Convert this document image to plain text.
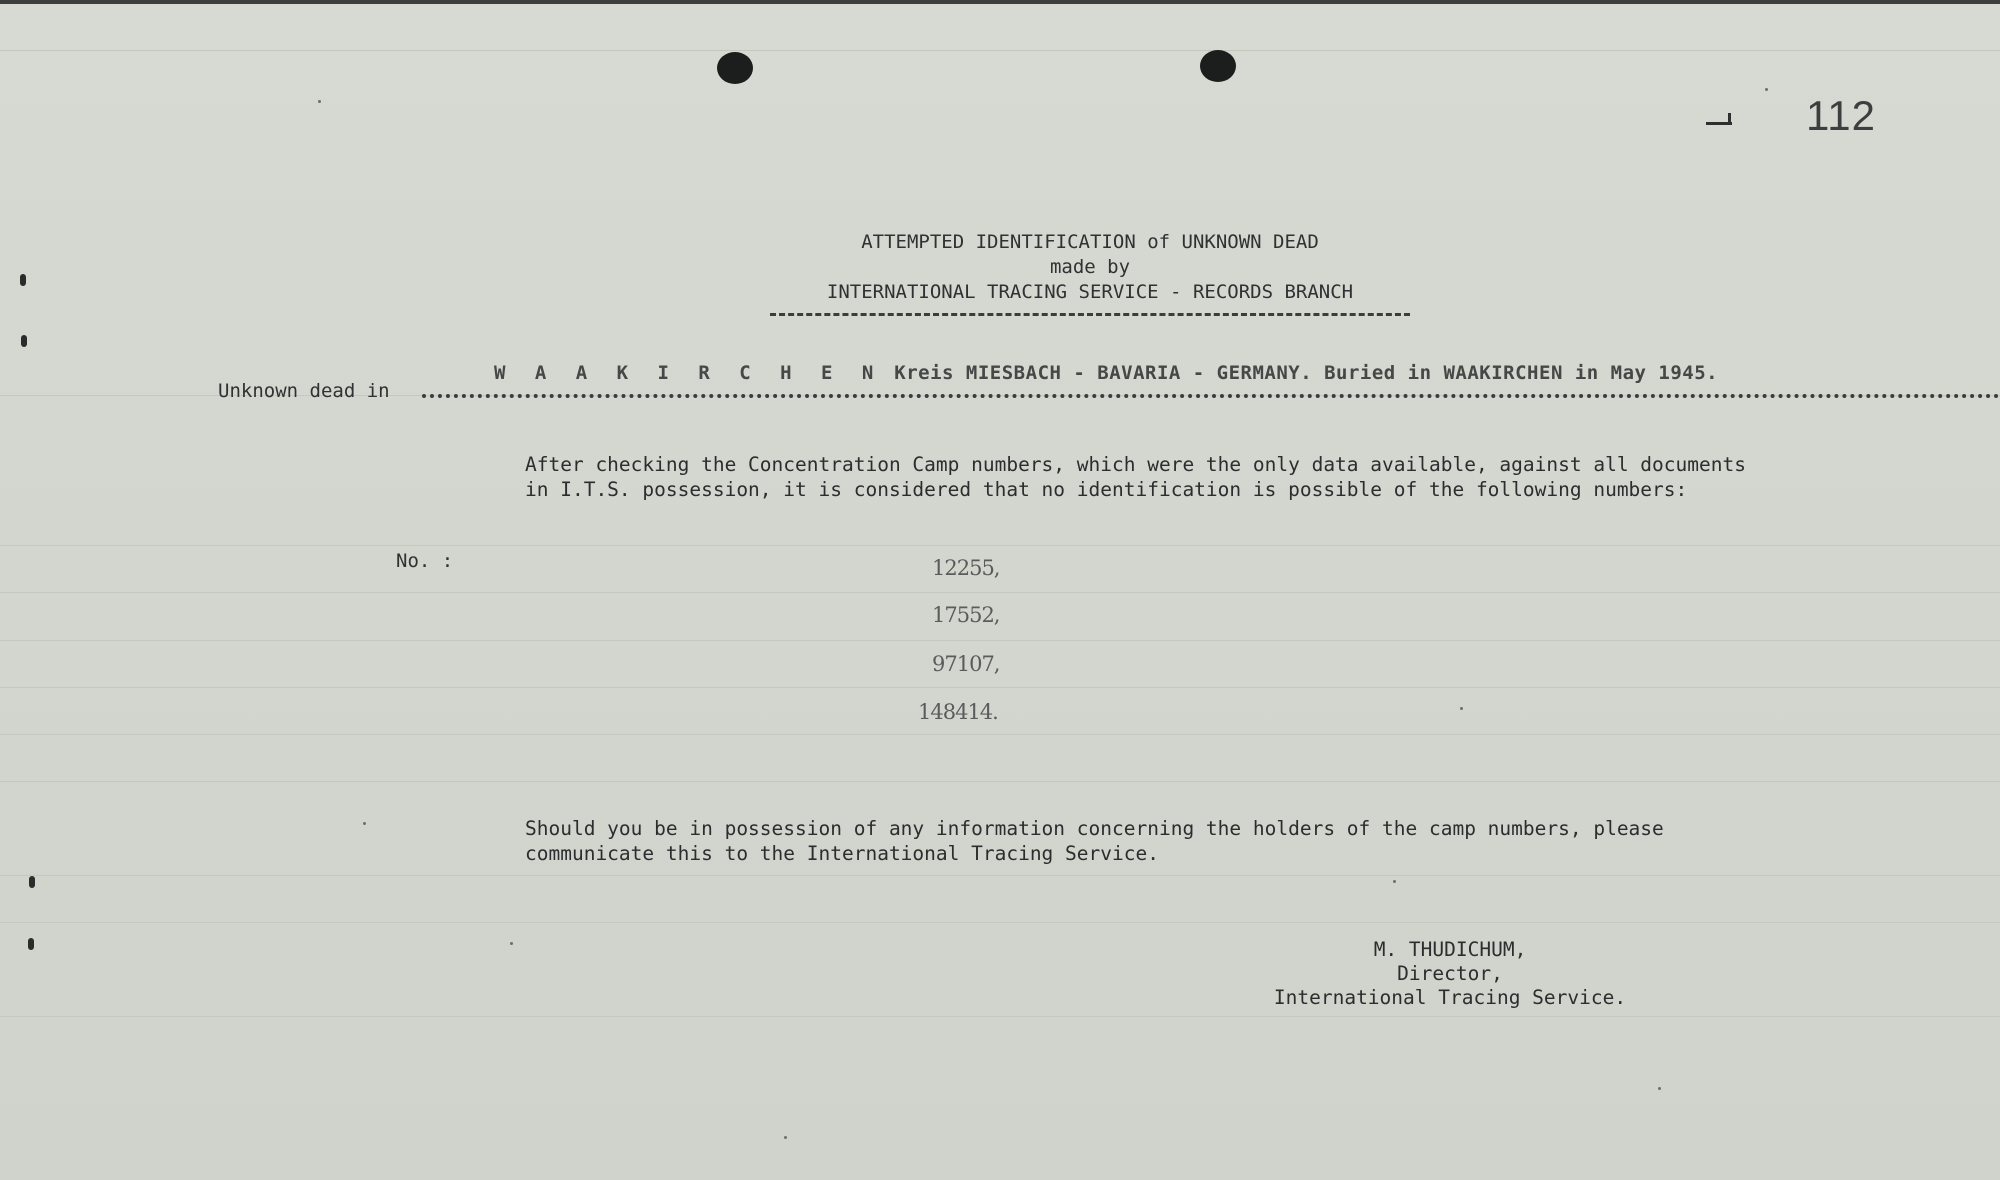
112
ATTEMPTED IDENTIFICATION of UNKNOWN DEAD
made by
INTERNATIONAL TRACING SERVICE - RECORDS BRANCH
Unknown dead in
W A A K I R C H E N Kreis MIESBACH - BAVARIA - GERMANY. Buried in WAAKIRCHEN in May 1945.
After checking the Concentration Camp numbers, which were the only data available, against all documents in I.T.S. possession, it is considered that no identification is possible of the following numbers:
No. :	12255,
17552,
97107,
148414.
Should you be in possession of any information concerning the holders of the camp numbers, please communicate this to the International Tracing Service.
M. THUDICHUM,
Director,
International Tracing Service.
